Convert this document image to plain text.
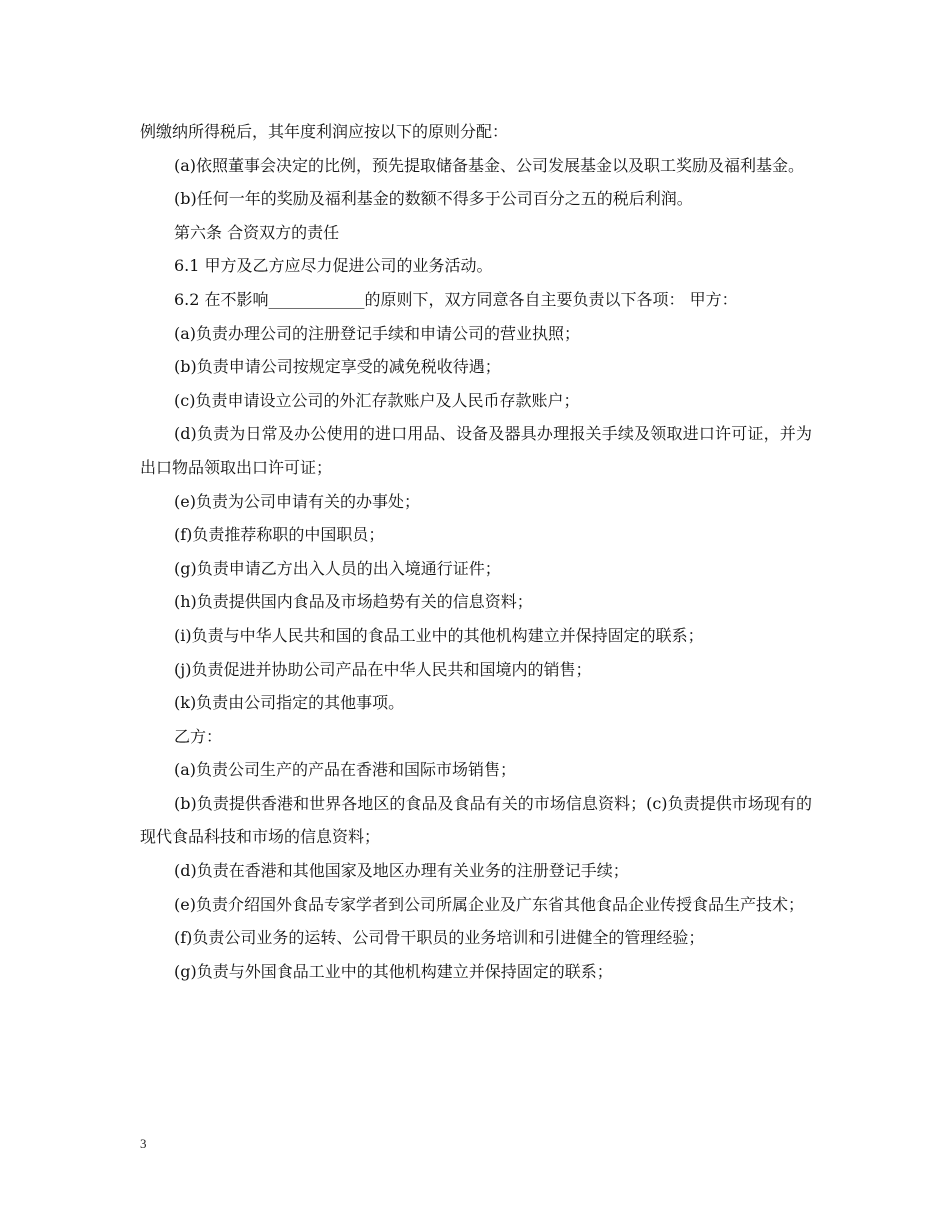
例缴纳所得税后，其年度利润应按以下的原则分配：

(a)依照董事会决定的比例，预先提取储备基金、公司发展基金以及职工奖励及福利基金。

(b)任何一年的奖励及福利基金的数额不得多于公司百分之五的税后利润。

第六条 合资双方的责任

6.1 甲方及乙方应尽力促进公司的业务活动。

6.2 在不影响____________的原则下，双方同意各自主要负责以下各项： 甲方：

(a)负责办理公司的注册登记手续和申请公司的营业执照；

(b)负责申请公司按规定享受的减免税收待遇；

(c)负责申请设立公司的外汇存款账户及人民币存款账户；

(d)负责为日常及办公使用的进口用品、设备及器具办理报关手续及领取进口许可证，并为出口物品领取出口许可证；

(e)负责为公司申请有关的办事处；

(f)负责推荐称职的中国职员；

(g)负责申请乙方出入人员的出入境通行证件；

(h)负责提供国内食品及市场趋势有关的信息资料；

(i)负责与中华人民共和国的食品工业中的其他机构建立并保持固定的联系；

(j)负责促进并协助公司产品在中华人民共和国境内的销售；

(k)负责由公司指定的其他事项。

乙方：

(a)负责公司生产的产品在香港和国际市场销售；

(b)负责提供香港和世界各地区的食品及食品有关的市场信息资料；(c)负责提供市场现有的现代食品科技和市场的信息资料；

(d)负责在香港和其他国家及地区办理有关业务的注册登记手续；

(e)负责介绍国外食品专家学者到公司所属企业及广东省其他食品企业传授食品生产技术；

(f)负责公司业务的运转、公司骨干职员的业务培训和引进健全的管理经验；

(g)负责与外国食品工业中的其他机构建立并保持固定的联系；

3
